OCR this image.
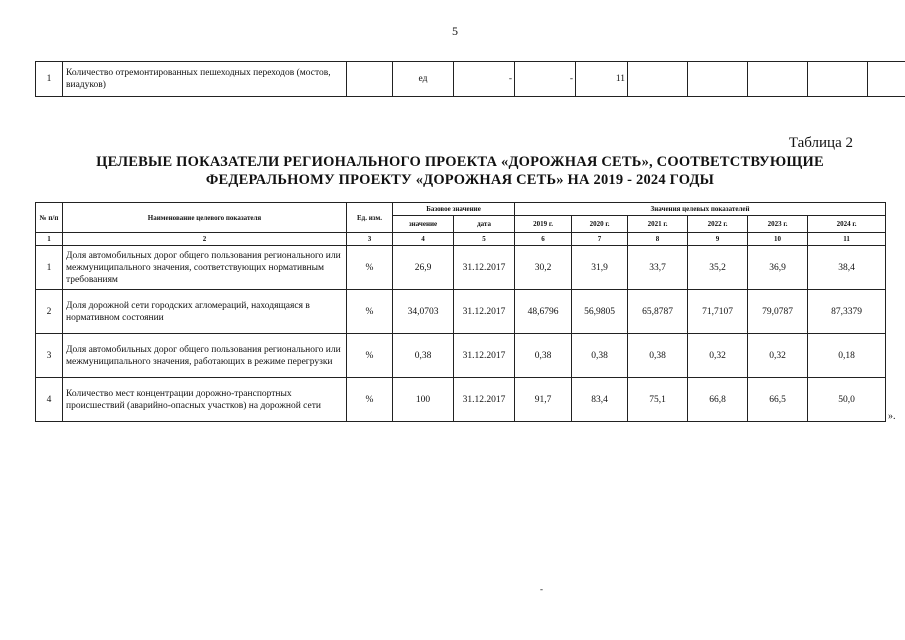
5
1	Количество отремонтированных пешеходных переходов (мостов, виадуков)		ед	-	-	11					
Таблица 2
ЦЕЛЕВЫЕ ПОКАЗАТЕЛИ РЕГИОНАЛЬНОГО ПРОЕКТА «ДОРОЖНАЯ СЕТЬ», СООТВЕТСТВУЮЩИЕ ФЕДЕРАЛЬНОМУ ПРОЕКТУ «ДОРОЖНАЯ СЕТЬ» НА 2019 - 2024 ГОДЫ
№ п/п	Наименование целевого показателя	Ед. изм.	Базовое значение		Значения целевых показателей					
			значение	дата	2019 г.	2020 г.	2021 г.	2022 г.	2023 г.	2024 г.
1	2	3	4	5	6	7	8	9	10	11
1	Доля автомобильных дорог общего пользования регионального или межмуниципального значения, соответствующих нормативным требованиям	%	26,9	31.12.2017	30,2	31,9	33,7	35,2	36,9	38,4
2	Доля дорожной сети городских агломераций, находящаяся в нормативном состоянии	%	34,0703	31.12.2017	48,6796	56,9805	65,8787	71,7107	79,0787	87,3379
3	Доля автомобильных дорог общего пользования регионального или межмуниципального значения, работающих в режиме перегрузки	%	0,38	31.12.2017	0,38	0,38	0,38	0,32	0,32	0,18
4	Количество мест концентрации дорожно-транспортных происшествий (аварийно-опасных участков) на дорожной сети	%	100	31.12.2017	91,7	83,4	75,1	66,8	66,5	50,0
».
-
